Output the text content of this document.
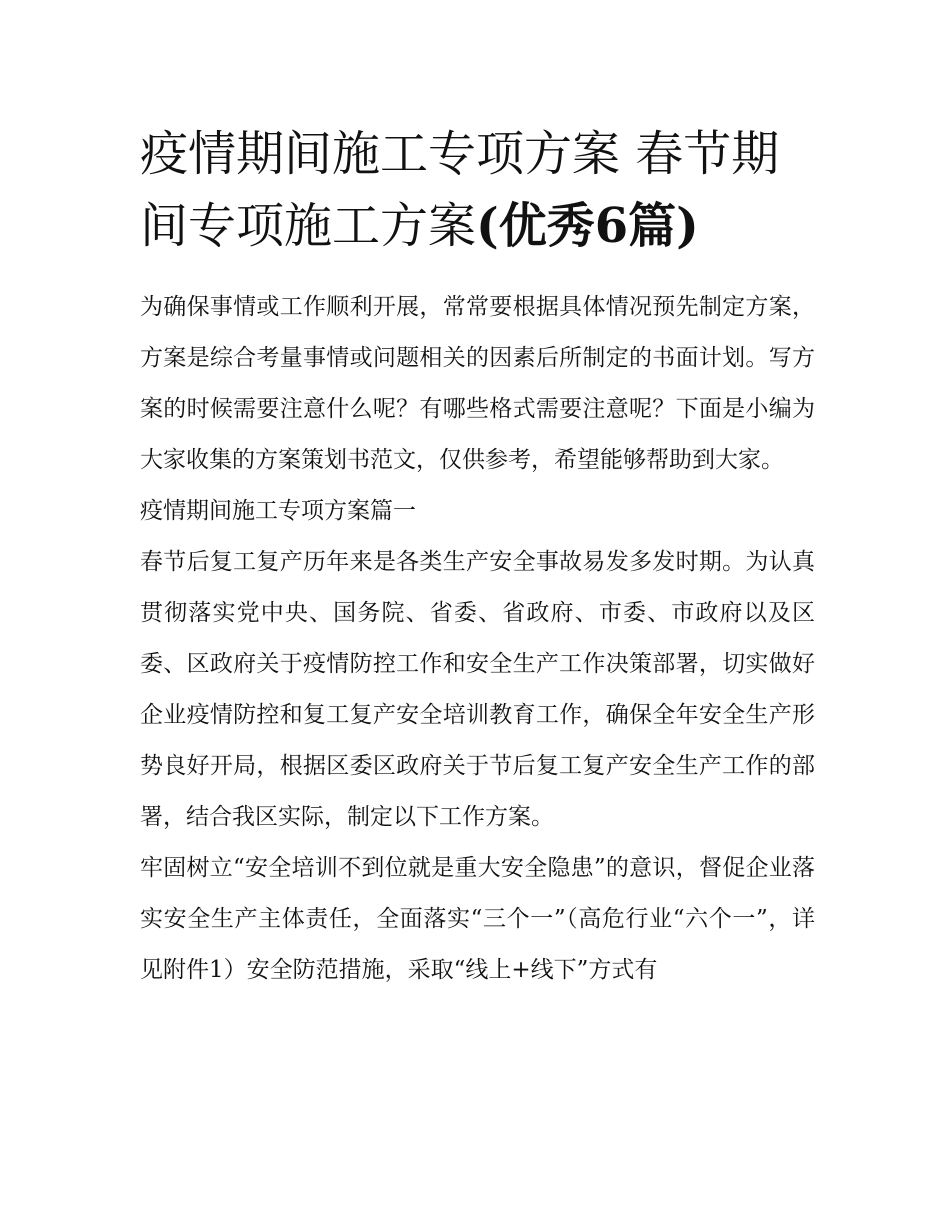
疫情期间施工专项方案 春节期间专项施工方案(优秀6篇)

为确保事情或工作顺利开展，常常要根据具体情况预先制定方案，方案是综合考量事情或问题相关的因素后所制定的书面计划。写方案的时候需要注意什么呢？有哪些格式需要注意呢？下面是小编为大家收集的方案策划书范文，仅供参考，希望能够帮助到大家。

疫情期间施工专项方案篇一

春节后复工复产历年来是各类生产安全事故易发多发时期。为认真贯彻落实党中央、国务院、省委、省政府、市委、市政府以及区委、区政府关于疫情防控工作和安全生产工作决策部署，切实做好企业疫情防控和复工复产安全培训教育工作，确保全年安全生产形势良好开局，根据区委区政府关于节后复工复产安全生产工作的部署，结合我区实际，制定以下工作方案。

牢固树立“安全培训不到位就是重大安全隐患”的意识，督促企业落实安全生产主体责任，全面落实“三个一”（高危行业“六个一”，详见附件1）安全防范措施，采取“线上+线下”方式有
